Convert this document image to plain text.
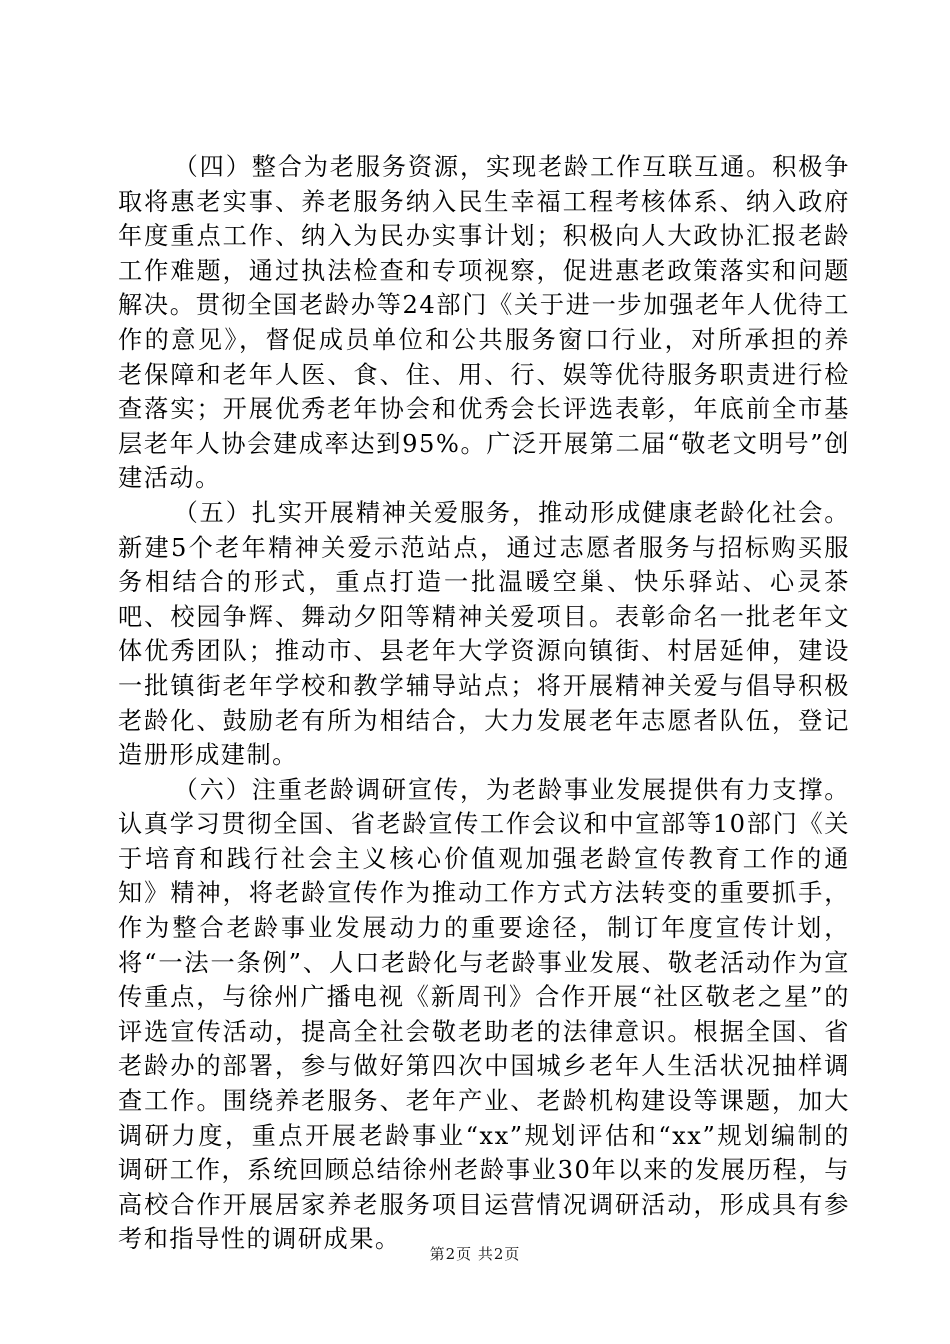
（四）整合为老服务资源，实现老龄工作互联互通。积极争取将惠老实事、养老服务纳入民生幸福工程考核体系、纳入政府年度重点工作、纳入为民办实事计划；积极向人大政协汇报老龄工作难题，通过执法检查和专项视察，促进惠老政策落实和问题解决。贯彻全国老龄办等24部门《关于进一步加强老年人优待工作的意见》，督促成员单位和公共服务窗口行业，对所承担的养老保障和老年人医、食、住、用、行、娱等优待服务职责进行检查落实；开展优秀老年协会和优秀会长评选表彰，年底前全市基层老年人协会建成率达到95%。广泛开展第二届“敬老文明号”创建活动。

（五）扎实开展精神关爱服务，推动形成健康老龄化社会。新建5个老年精神关爱示范站点，通过志愿者服务与招标购买服务相结合的形式，重点打造一批温暖空巢、快乐驿站、心灵茶吧、校园争辉、舞动夕阳等精神关爱项目。表彰命名一批老年文体优秀团队；推动市、县老年大学资源向镇街、村居延伸，建设一批镇街老年学校和教学辅导站点；将开展精神关爱与倡导积极老龄化、鼓励老有所为相结合，大力发展老年志愿者队伍，登记造册形成建制。

（六）注重老龄调研宣传，为老龄事业发展提供有力支撑。认真学习贯彻全国、省老龄宣传工作会议和中宣部等10部门《关于培育和践行社会主义核心价值观加强老龄宣传教育工作的通知》精神，将老龄宣传作为推动工作方式方法转变的重要抓手，作为整合老龄事业发展动力的重要途径，制订年度宣传计划，将“一法一条例”、人口老龄化与老龄事业发展、敬老活动作为宣传重点，与徐州广播电视《新周刊》合作开展“社区敬老之星”的评选宣传活动，提高全社会敬老助老的法律意识。根据全国、省老龄办的部署，参与做好第四次中国城乡老年人生活状况抽样调查工作。围绕养老服务、老年产业、老龄机构建设等课题，加大调研力度，重点开展老龄事业“xx”规划评估和“xx”规划编制的调研工作，系统回顾总结徐州老龄事业30年以来的发展历程，与高校合作开展居家养老服务项目运营情况调研活动，形成具有参考和指导性的调研成果。

第2页 共2页
